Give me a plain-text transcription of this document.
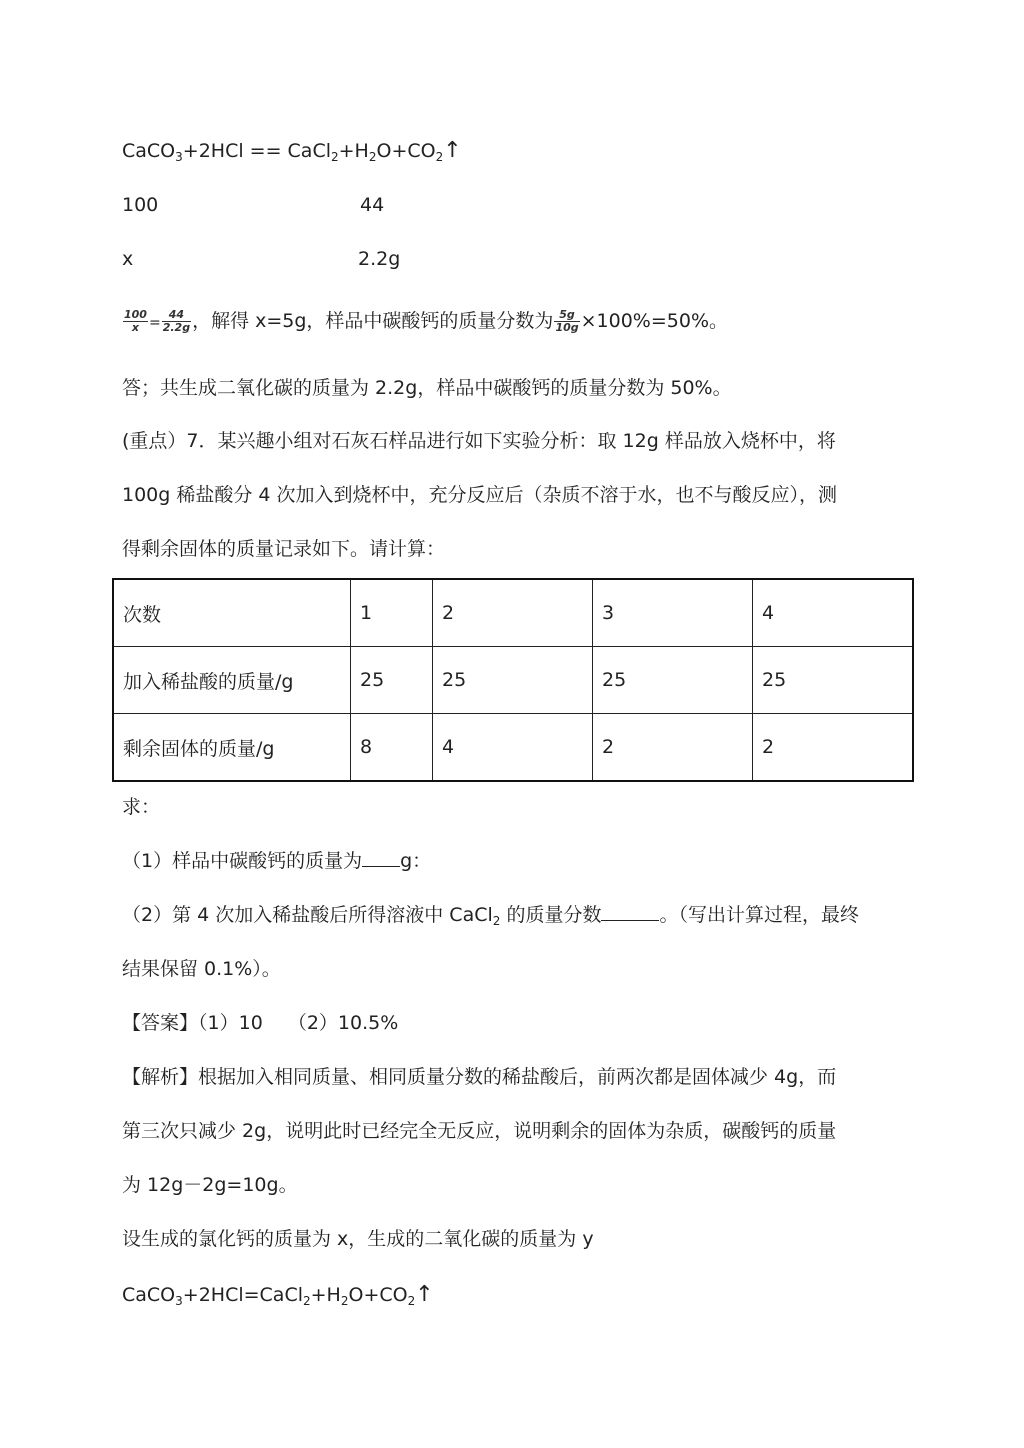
CaCO$_3$+2HCl == $CaCl_2+H_2O+CO_2↑$
100	44
x	2.2g
$\frac{100}{x} = \frac{44}{2.2g}$ ，解得 x=5g，样品中碳酸钙的质量分数为 $\frac{5g}{10g} \times 100\%=50\%$。
答；共生成二氧化碳的质量为 2.2g，样品中碳酸钙的质量分数为 50%。
(重点）7．某兴趣小组对石灰石样品进行如下实验分析：取 12g 样品放入烧杯中，将
100g 稀盐酸分 4 次加入到烧杯中，充分反应后（杂质不溶于水，也不与酸反应），测
得剩余固体的质量记录如下。请计算：
次数	1	2	3	4
加入稀盐酸的质量/g	25	25	25	25
剩余固体的质量/g	8	4	2	2
求：
（1）样品中碳酸钙的质量为 g：
（2）第 4 次加入稀盐酸后所得溶液中 CaCl$_2$ 的质量分数	。（写出计算过程，最终
结果保留 0.1%）。
【答案】（1）10　 （2）10.5%
【解析】根据加入相同质量、相同质量分数的稀盐酸后，前两次都是固体减少 4g，而
第三次只减少 2g，说明此时已经完全无反应，说明剩余的固体为杂质，碳酸钙的质量
为 12g－2g=10g。
设生成的氯化钙的质量为 x，生成的二氧化碳的质量为 y
$CaCO_3+2HCl=CaCl_2+H_2O+CO_2↑$
